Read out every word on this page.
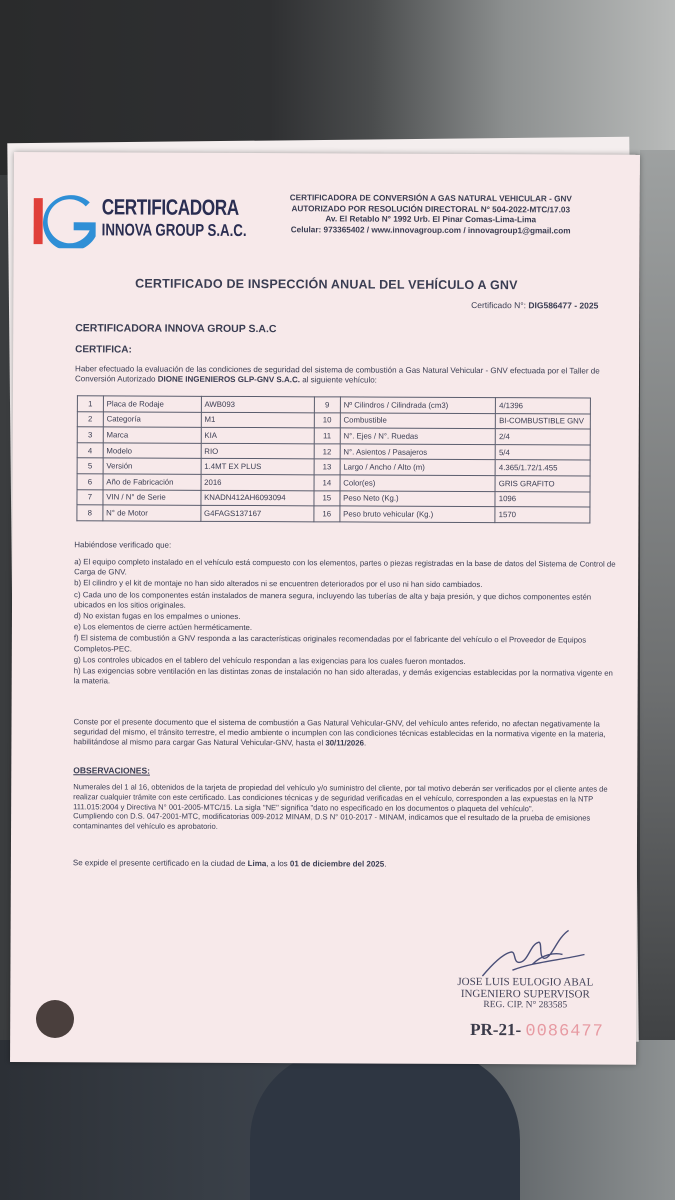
CERTIFICADORA
INNOVA GROUP S.A.C.
CERTIFICADORA DE CONVERSIÓN A GAS NATURAL VEHICULAR - GNV
AUTORIZADO POR RESOLUCIÓN DIRECTORAL N° 504-2022-MTC/17.03
Av. El Retablo N° 1992 Urb. El Pinar Comas-Lima-Lima
Celular: 973365402 / www.innovagroup.com / innovagroup1@gmail.com
CERTIFICADO DE INSPECCIÓN ANUAL DEL VEHÍCULO A GNV
Certificado N°: DIG586477 - 2025
CERTIFICADORA INNOVA GROUP S.A.C
CERTIFICA:
Haber efectuado la evaluación de las condiciones de seguridad del sistema de combustión a Gas Natural Vehicular - GNV efectuada por el Taller de Conversión Autorizado DIONE INGENIEROS GLP-GNV S.A.C. al siguiente vehículo:
1	Placa de Rodaje	AWB093	9	Nº Cilindros / Cilindrada (cm3)	4/1396
2	Categoría	M1	10	Combustible	BI-COMBUSTIBLE GNV
3	Marca	KIA	11	N°. Ejes / N°. Ruedas	2/4
4	Modelo	RIO	12	N°. Asientos / Pasajeros	5/4
5	Versión	1.4MT EX PLUS	13	Largo / Ancho / Alto (m)	4.365/1.72/1.455
6	Año de Fabricación	2016	14	Color(es)	GRIS GRAFITO
7	VIN / N° de Serie	KNADN412AH6093094	15	Peso Neto (Kg.)	1096
8	N° de Motor	G4FAGS137167	16	Peso bruto vehicular (Kg.)	1570
Habiéndose verificado que:
a) El equipo completo instalado en el vehículo está compuesto con los elementos, partes o piezas registradas en la base de datos del Sistema de Control de Carga de GNV.
b) El cilindro y el kit de montaje no han sido alterados ni se encuentren deteriorados por el uso ni han sido cambiados.
c) Cada uno de los componentes están instalados de manera segura, incluyendo las tuberías de alta y baja presión, y que dichos componentes estén ubicados en los sitios originales.
d) No existan fugas en los empalmes o uniones.
e) Los elementos de cierre actúen herméticamente.
f) El sistema de combustión a GNV responda a las características originales recomendadas por el fabricante del vehículo o el Proveedor de Equipos Completos-PEC.
g) Los controles ubicados en el tablero del vehículo respondan a las exigencias para los cuales fueron montados.
h) Las exigencias sobre ventilación en las distintas zonas de instalación no han sido alteradas, y demás exigencias establecidas por la normativa vigente en la materia.
Conste por el presente documento que el sistema de combustión a Gas Natural Vehicular-GNV, del vehículo antes referido, no afectan negativamente la seguridad del mismo, el tránsito terrestre, el medio ambiente o incumplen con las condiciones técnicas establecidas en la normativa vigente en la materia, habilitándose al mismo para cargar Gas Natural Vehicular-GNV, hasta el 30/11/2026.
OBSERVACIONES:
Numerales del 1 al 16, obtenidos de la tarjeta de propiedad del vehículo y/o suministro del cliente, por tal motivo deberán ser verificados por el cliente antes de realizar cualquier trámite con este certificado. Las condiciones técnicas y de seguridad verificadas en el vehículo, corresponden a las expuestas en la NTP 111.015:2004 y Directiva N° 001-2005-MTC/15. La sigla "NE" significa "dato no especificado en los documentos o plaqueta del vehículo".
Cumpliendo con D.S. 047-2001-MTC, modificatorias 009-2012 MINAM, D.S N° 010-2017 - MINAM, indicamos que el resultado de la prueba de emisiones contaminantes del vehículo es aprobatorio.
Se expide el presente certificado en la ciudad de Lima, a los 01 de diciembre del 2025.
JOSE LUIS EULOGIO ABAL
INGENIERO SUPERVISOR
REG. CIP. N° 283585
PR-21- 0086477
